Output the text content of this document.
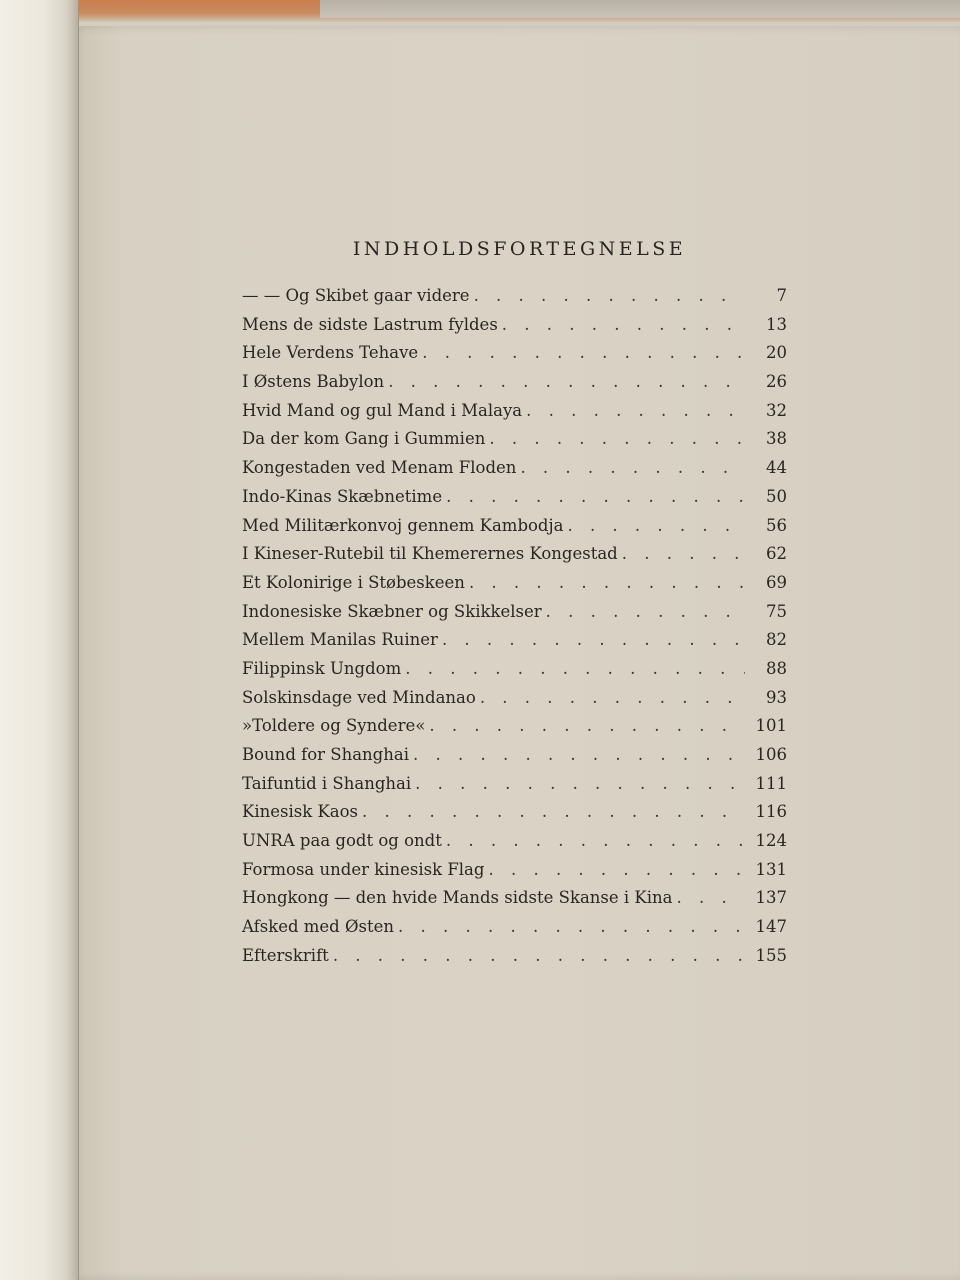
INDHOLDSFORTEGNELSE
— — Og Skibet gaar videre . . .	7
Mens de sidste Lastrum fyldes . . .	13
Hele Verdens Tehave . . .	20
I Østens Babylon . . .	26
Hvid Mand og gul Mand i Malaya . . .	32
Da der kom Gang i Gummien . . .	38
Kongestaden ved Menam Floden . . .	44
Indo-Kinas Skæbnetime . . .	50
Med Militærkonvoj gennem Kambodja . . .	56
I Kineser-Rutebil til Khemerernes Kongestad . . .	62
Et Kolonirige i Støbeskeen . . .	69
Indonesiske Skæbner og Skikkelser . . .	75
Mellem Manilas Ruiner . . .	82
Filippinsk Ungdom . . .	88
Solskinsdage ved Mindanao . . .	93
»Toldere og Syndere« . . .	101
Bound for Shanghai . . .	106
Taifuntid i Shanghai . . .	111
Kinesisk Kaos . . .	116
UNRA paa godt og ondt . . .	124
Formosa under kinesisk Flag . . .	131
Hongkong — den hvide Mands sidste Skanse i Kina . . .	137
Afsked med Østen . . .	147
Efterskrift . . .	155
